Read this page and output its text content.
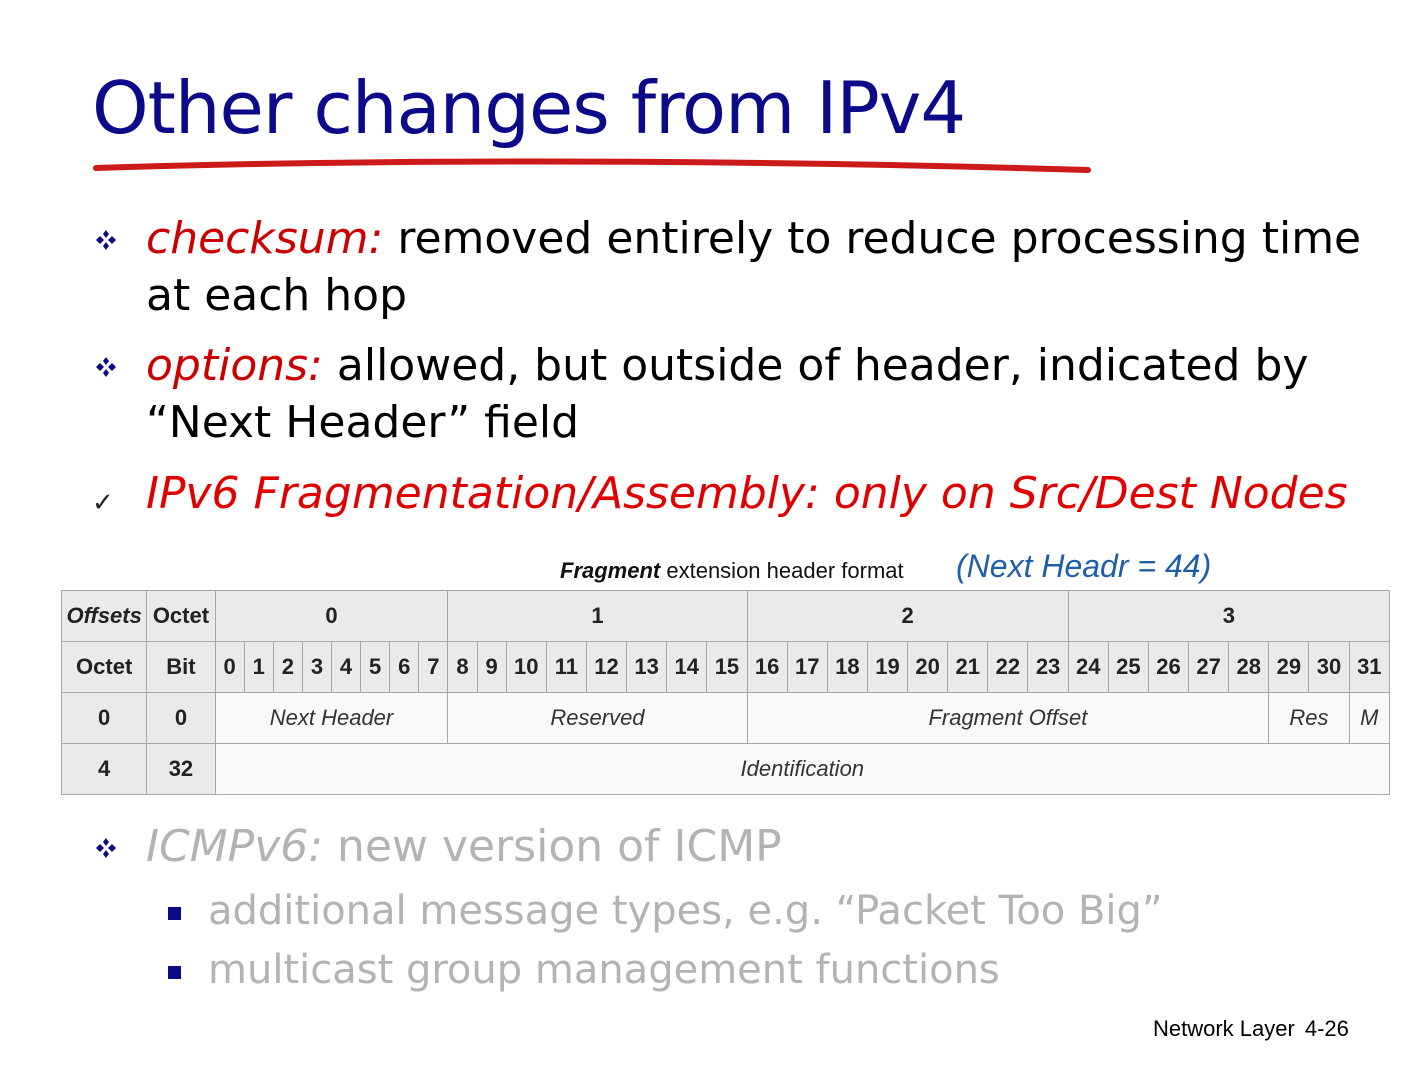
Other changes from IPv4
checksum: removed entirely to reduce processing time at each hop
options: allowed, but outside of header, indicated by “Next Header” field
✓ IPv6 Fragmentation/Assembly: only on Src/Dest Nodes
Fragment extension header format (Next Headr = 44)
Offsets	Octet	0								1								2								3							
Octet	Bit	0	1	2	3	4	5	6	7	8	9	10	11	12	13	14	15	16	17	18	19	20	21	22	23	24	25	26	27	28	29	30	31
0	0	Next Header								Reserved								Fragment Offset													Res		M
4	32	Identification																															
ICMPv6: new version of ICMP
additional message types, e.g. “Packet Too Big”
multicast group management functions
Network Layer 4-26
